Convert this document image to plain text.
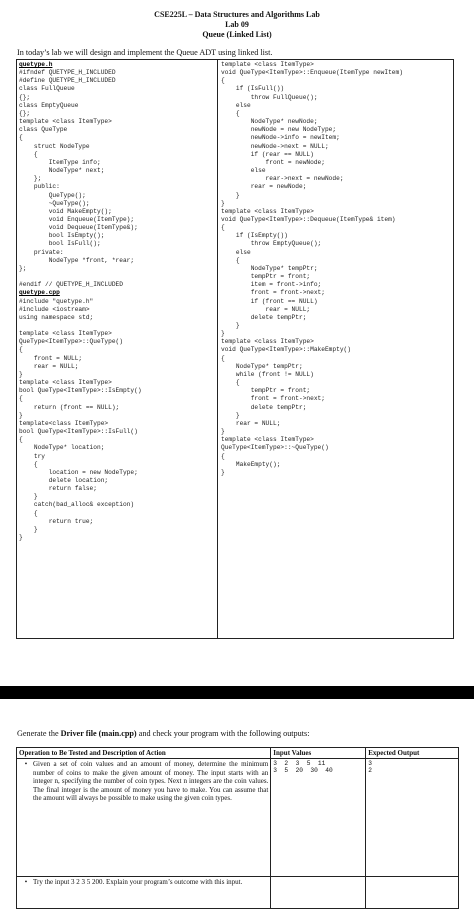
CSE225L – Data Structures and Algorithms Lab
Lab 09
Queue (Linked List)
In today’s lab we will design and implement the Queue ADT using linked list.
quetype.h
#ifndef QUETYPE_H_INCLUDED
#define QUETYPE_H_INCLUDED
class FullQueue
{};
class EmptyQueue
{};
template <class ItemType>
class QueType
{
struct NodeType
{
ItemType info;
NodeType* next;
};
public:
QueType();
~QueType();
void MakeEmpty();
void Enqueue(ItemType);
void Dequeue(ItemType&);
bool IsEmpty();
bool IsFull();
private:
NodeType *front, *rear;
};

#endif // QUETYPE_H_INCLUDED
quetype.cpp
#include "quetype.h"
#include <iostream>
using namespace std;

template <class ItemType>
QueType<ItemType>::QueType()
{
front = NULL;
rear = NULL;
}
template <class ItemType>
bool QueType<ItemType>::IsEmpty()
{
return (front == NULL);
}
template<class ItemType>
bool QueType<ItemType>::IsFull()
{
NodeType* location;
try
{
location = new NodeType;
delete location;
return false;
}
catch(bad_alloc& exception)
{
return true;
}
}
template <class ItemType>
void QueType<ItemType>::Enqueue(ItemType newItem)
{
if (IsFull())
throw FullQueue();
else
{
NodeType* newNode;
newNode = new NodeType;
newNode->info = newItem;
newNode->next = NULL;
if (rear == NULL)
front = newNode;
else
rear->next = newNode;
rear = newNode;
}
}
template <class ItemType>
void QueType<ItemType>::Dequeue(ItemType& item)
{
if (IsEmpty())
throw EmptyQueue();
else
{
NodeType* tempPtr;
tempPtr = front;
item = front->info;
front = front->next;
if (front == NULL)
rear = NULL;
delete tempPtr;
}
}
template <class ItemType>
void QueType<ItemType>::MakeEmpty()
{
NodeType* tempPtr;
while (front != NULL)
{
tempPtr = front;
front = front->next;
delete tempPtr;
}
rear = NULL;
}
template <class ItemType>
QueType<ItemType>::~QueType()
{
MakeEmpty();
}
Generate the Driver file (main.cpp) and check your program with the following outputs:
Operation to Be Tested and Description of Action	Input Values	Expected Output

• Given a set of coin values and an amount of money, determine the minimum number of coins to make the given amount of money. The input starts with an integer n, specifying the number of coin types. Next n integers are the coin values. The final integer is the amount of money you have to make. You can assume that the amount will always be possible to make using the given coin types.	3  2  3  5  11
3  5  20  30  40	3
2

• Try the input 3 2 3 5 200. Explain your program’s outcome with this input.		
